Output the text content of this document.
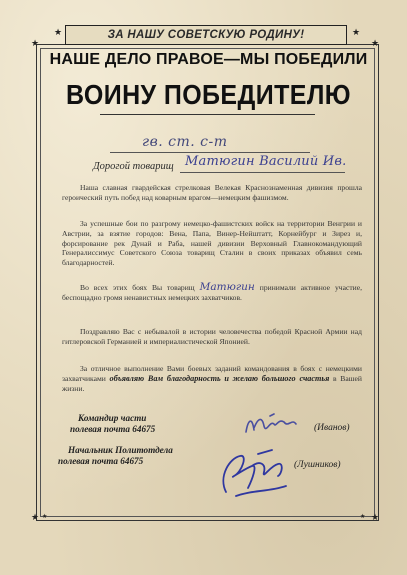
★	★
★	★
★	★
★	★
ЗА НАШУ СОВЕТСКУЮ РОДИНУ!
НАШЕ ДЕЛО ПРАВОЕ—МЫ ПОБЕДИЛИ
ВОИНУ ПОБЕДИТЕЛЮ
гв. ст. с-т
Дорогой товарищ Матюгин Василий Ив.
Наша славная гвардейская стрелковая Велекая Краснознаменная дивизия прошла героический путь побед над коварным врагом—немецким фашизмом.
За успешные бои по разгрому немецко-фашистских войск на территории Венгрии и Австрии, за взятие городов: Вена, Папа, Винер-Нейштатт, Корнейбург и Зирез и, форсирование рек Дунай и Раба, нашей дивизии Верховный Главнокомандующий Генералиссимус Советского Союза товарищ Сталин в своих приказах объявил семь благодарностей.
Во всех этих боях Вы товарищ Матюгин принимали активное участие, беспощадно громя ненавистных немецких захватчиков.
Поздравляю Вас с небывалой в истории человечества победой Красной Армии над гитлеровской Германией и империалистической Японией.
За отличное выполнение Вами боевых заданий командования в боях с немецкими захватчиками объявляю Вам благодарность и желаю большого счастья в Вашей жизни.
Командир части
полевая почта 64675	(Иванов)
Начальник Политотдела
полевая почта 64675	(Лушников)
